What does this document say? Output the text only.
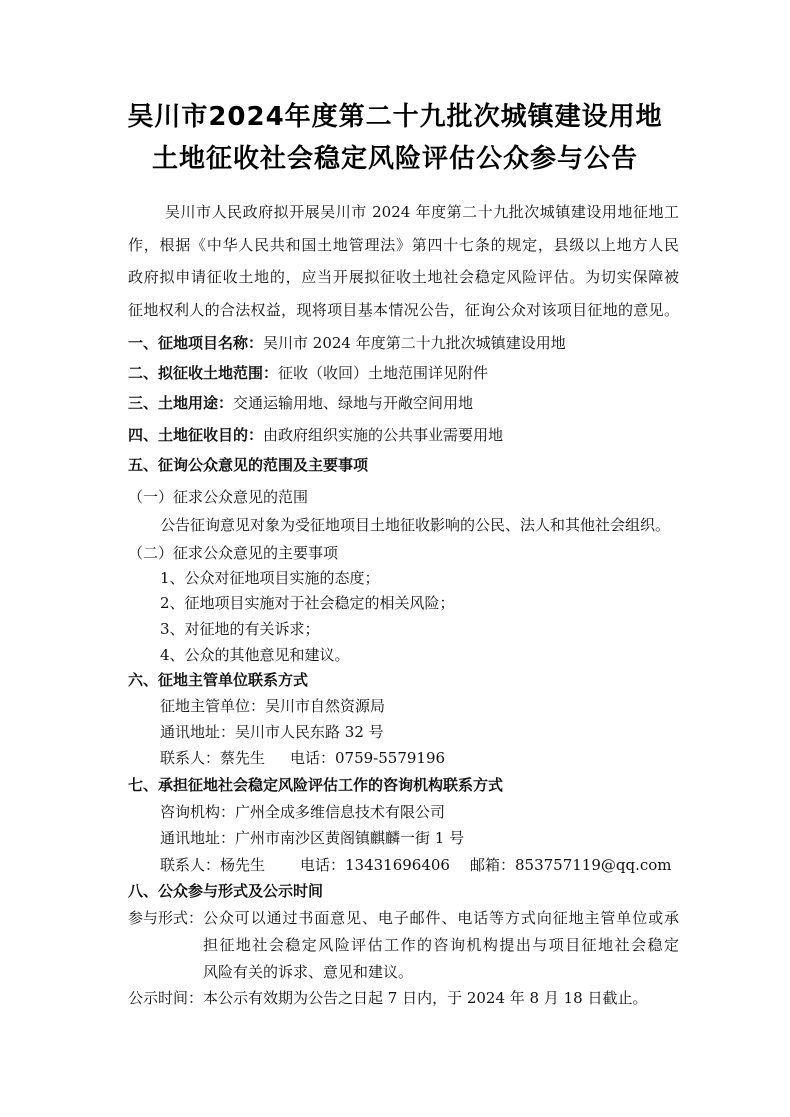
吴川市2024年度第二十九批次城镇建设用地
土地征收社会稳定风险评估公众参与公告
吴川市人民政府拟开展吴川市 2024 年度第二十九批次城镇建设用地征地工
作，根据《中华人民共和国土地管理法》第四十七条的规定，县级以上地方人民
政府拟申请征收土地的，应当开展拟征收土地社会稳定风险评估。为切实保障被
征地权利人的合法权益，现将项目基本情况公告，征询公众对该项目征地的意见。
一、征地项目名称：吴川市 2024 年度第二十九批次城镇建设用地
二、拟征收土地范围：征收（收回）土地范围详见附件
三、土地用途：交通运输用地、绿地与开敞空间用地
四、土地征收目的：由政府组织实施的公共事业需要用地
五、征询公众意见的范围及主要事项
（一）征求公众意见的范围
公告征询意见对象为受征地项目土地征收影响的公民、法人和其他社会组织。
（二）征求公众意见的主要事项
1、公众对征地项目实施的态度；
2、征地项目实施对于社会稳定的相关风险；
3、对征地的有关诉求；
4、公众的其他意见和建议。
六、征地主管单位联系方式
征地主管单位：吴川市自然资源局
通讯地址：吴川市人民东路 32 号
联系人：蔡先生 电话：0759-5579196
七、承担征地社会稳定风险评估工作的咨询机构联系方式
咨询机构：广州全成多维信息技术有限公司
通讯地址：广州市南沙区黄阁镇麒麟一街 1 号
联系人：杨先生 电话：13431696406 邮箱：853757119@qq.com
八、公众参与形式及公示时间
参与形式： 公众可以通过书面意见、电子邮件、电话等方式向征地主管单位或承
担征地社会稳定风险评估工作的咨询机构提出与项目征地社会稳定
风险有关的诉求、意见和建议。
公示时间：本公示有效期为公告之日起 7 日内，于 2024 年 8 月 18 日截止。
